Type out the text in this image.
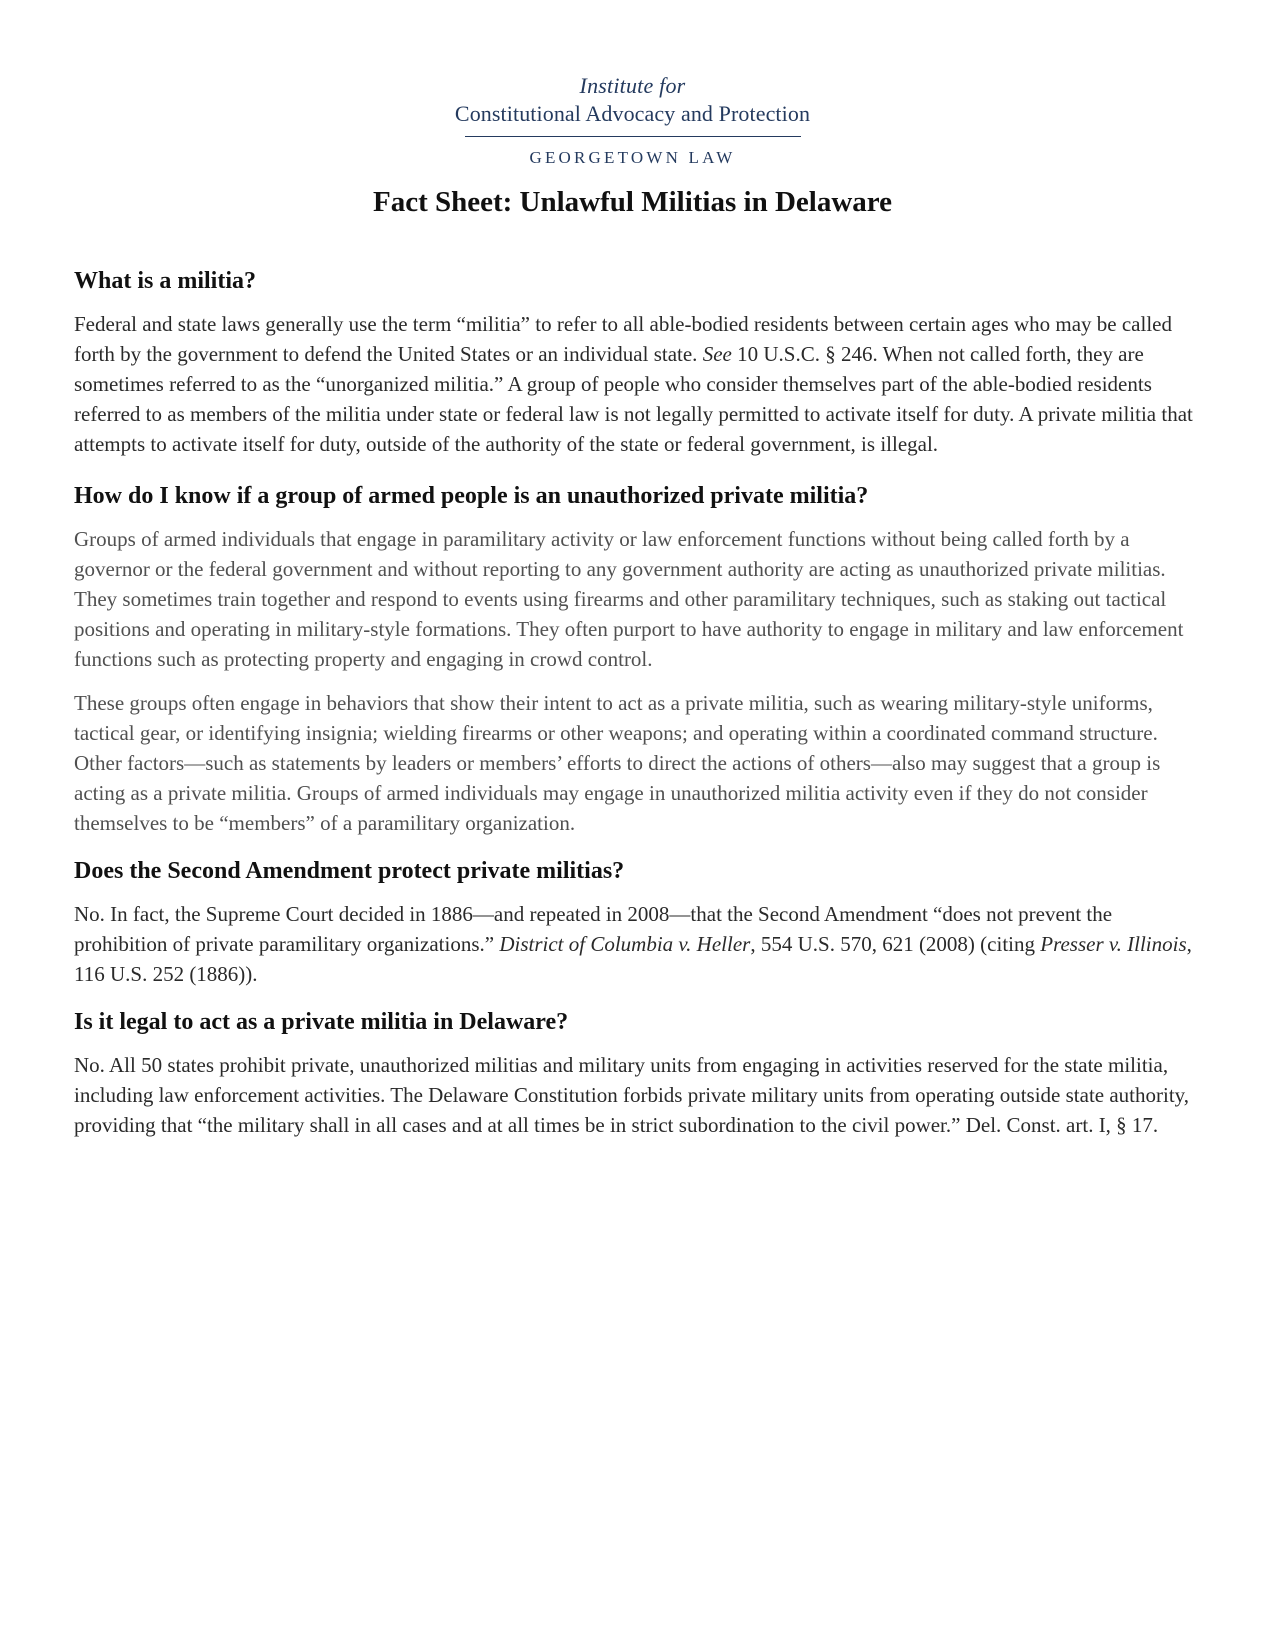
Institute for
Constitutional Advocacy and Protection
GEORGETOWN LAW
Fact Sheet: Unlawful Militias in Delaware
What is a militia?

Federal and state laws generally use the term “militia” to refer to all able-bodied residents between certain ages who may be called forth by the government to defend the United States or an individual state. See 10 U.S.C. § 246. When not called forth, they are sometimes referred to as the “unorganized militia.” A group of people who consider themselves part of the able-bodied residents referred to as members of the militia under state or federal law is not legally permitted to activate itself for duty. A private militia that attempts to activate itself for duty, outside of the authority of the state or federal government, is illegal.

How do I know if a group of armed people is an unauthorized private militia?

Groups of armed individuals that engage in paramilitary activity or law enforcement functions without being called forth by a governor or the federal government and without reporting to any government authority are acting as unauthorized private militias. They sometimes train together and respond to events using firearms and other paramilitary techniques, such as staking out tactical positions and operating in military-style formations. They often purport to have authority to engage in military and law enforcement functions such as protecting property and engaging in crowd control.

These groups often engage in behaviors that show their intent to act as a private militia, such as wearing military-style uniforms, tactical gear, or identifying insignia; wielding firearms or other weapons; and operating within a coordinated command structure. Other factors—such as statements by leaders or members’ efforts to direct the actions of others—also may suggest that a group is acting as a private militia. Groups of armed individuals may engage in unauthorized militia activity even if they do not consider themselves to be “members” of a paramilitary organization.

Does the Second Amendment protect private militias?

No. In fact, the Supreme Court decided in 1886—and repeated in 2008—that the Second Amendment “does not prevent the prohibition of private paramilitary organizations.” District of Columbia v. Heller, 554 U.S. 570, 621 (2008) (citing Presser v. Illinois, 116 U.S. 252 (1886)).

Is it legal to act as a private militia in Delaware?

No. All 50 states prohibit private, unauthorized militias and military units from engaging in activities reserved for the state militia, including law enforcement activities. The Delaware Constitution forbids private military units from operating outside state authority, providing that “the military shall in all cases and at all times be in strict subordination to the civil power.” Del. Const. art. I, § 17.
